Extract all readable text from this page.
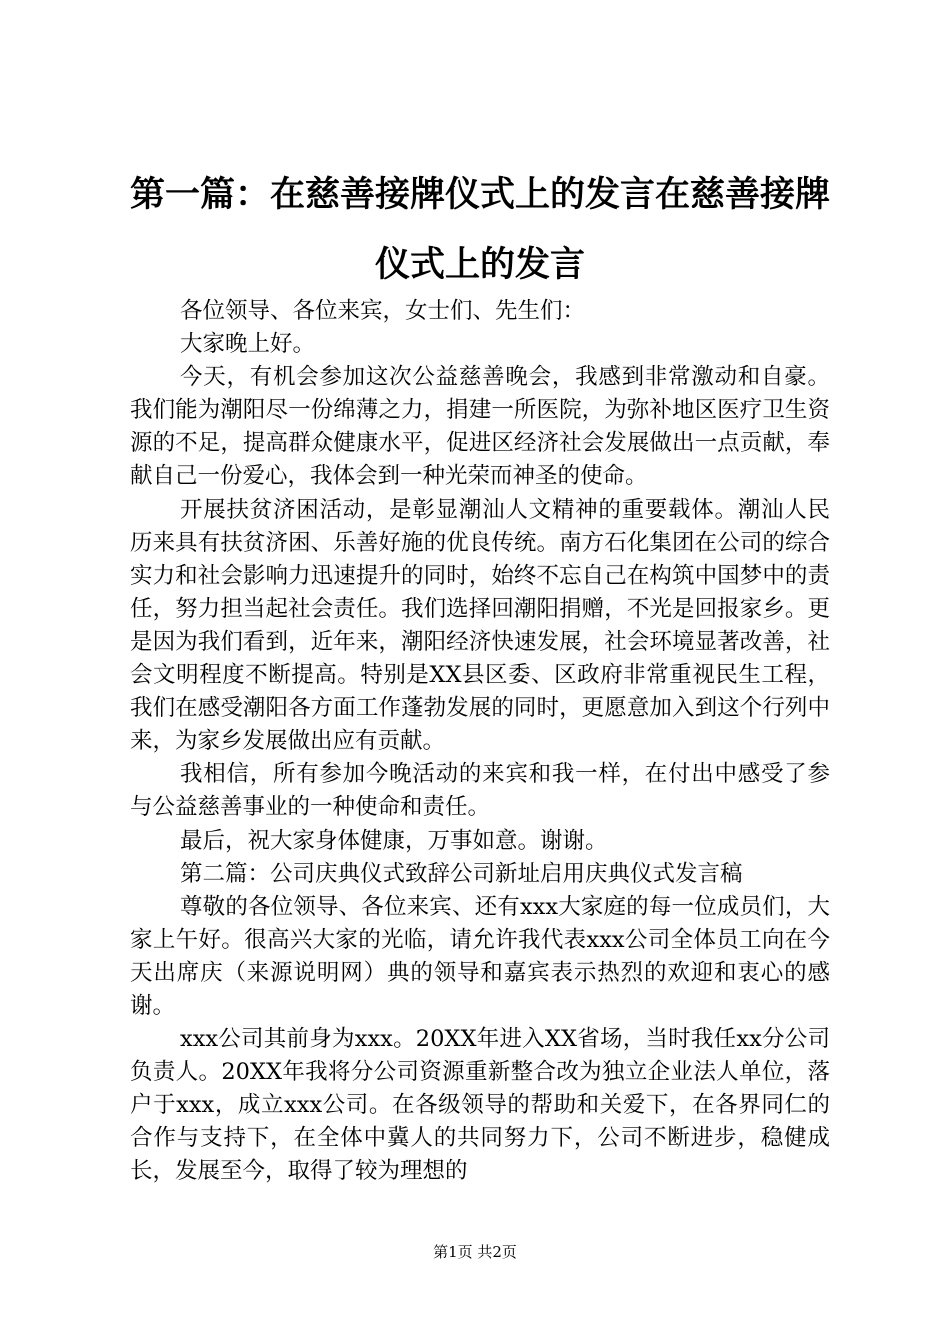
第一篇：在慈善接牌仪式上的发言在慈善接牌仪式上的发言

各位领导、各位来宾，女士们、先生们：

大家晚上好。

今天，有机会参加这次公益慈善晚会，我感到非常激动和自豪。我们能为潮阳尽一份绵薄之力，捐建一所医院，为弥补地区医疗卫生资源的不足，提高群众健康水平，促进区经济社会发展做出一点贡献，奉献自己一份爱心，我体会到一种光荣而神圣的使命。

开展扶贫济困活动，是彰显潮汕人文精神的重要载体。潮汕人民历来具有扶贫济困、乐善好施的优良传统。南方石化集团在公司的综合实力和社会影响力迅速提升的同时，始终不忘自己在构筑中国梦中的责任，努力担当起社会责任。我们选择回潮阳捐赠，不光是回报家乡。更是因为我们看到，近年来，潮阳经济快速发展，社会环境显著改善，社会文明程度不断提高。特别是XX县区委、区政府非常重视民生工程，我们在感受潮阳各方面工作蓬勃发展的同时，更愿意加入到这个行列中来，为家乡发展做出应有贡献。

我相信，所有参加今晚活动的来宾和我一样，在付出中感受了参与公益慈善事业的一种使命和责任。

最后，祝大家身体健康，万事如意。谢谢。

第二篇：公司庆典仪式致辞公司新址启用庆典仪式发言稿

尊敬的各位领导、各位来宾、还有xxx大家庭的每一位成员们，大家上午好。很高兴大家的光临，请允许我代表xxx公司全体员工向在今天出席庆（来源说明网）典的领导和嘉宾表示热烈的欢迎和衷心的感谢。

xxx公司其前身为xxx。20XX年进入XX省场，当时我任xx分公司负责人。20XX年我将分公司资源重新整合改为独立企业法人单位，落户于xxx，成立xxx公司。在各级领导的帮助和关爱下，在各界同仁的合作与支持下，在全体中冀人的共同努力下，公司不断进步，稳健成长，发展至今，取得了较为理想的

第1页 共2页
